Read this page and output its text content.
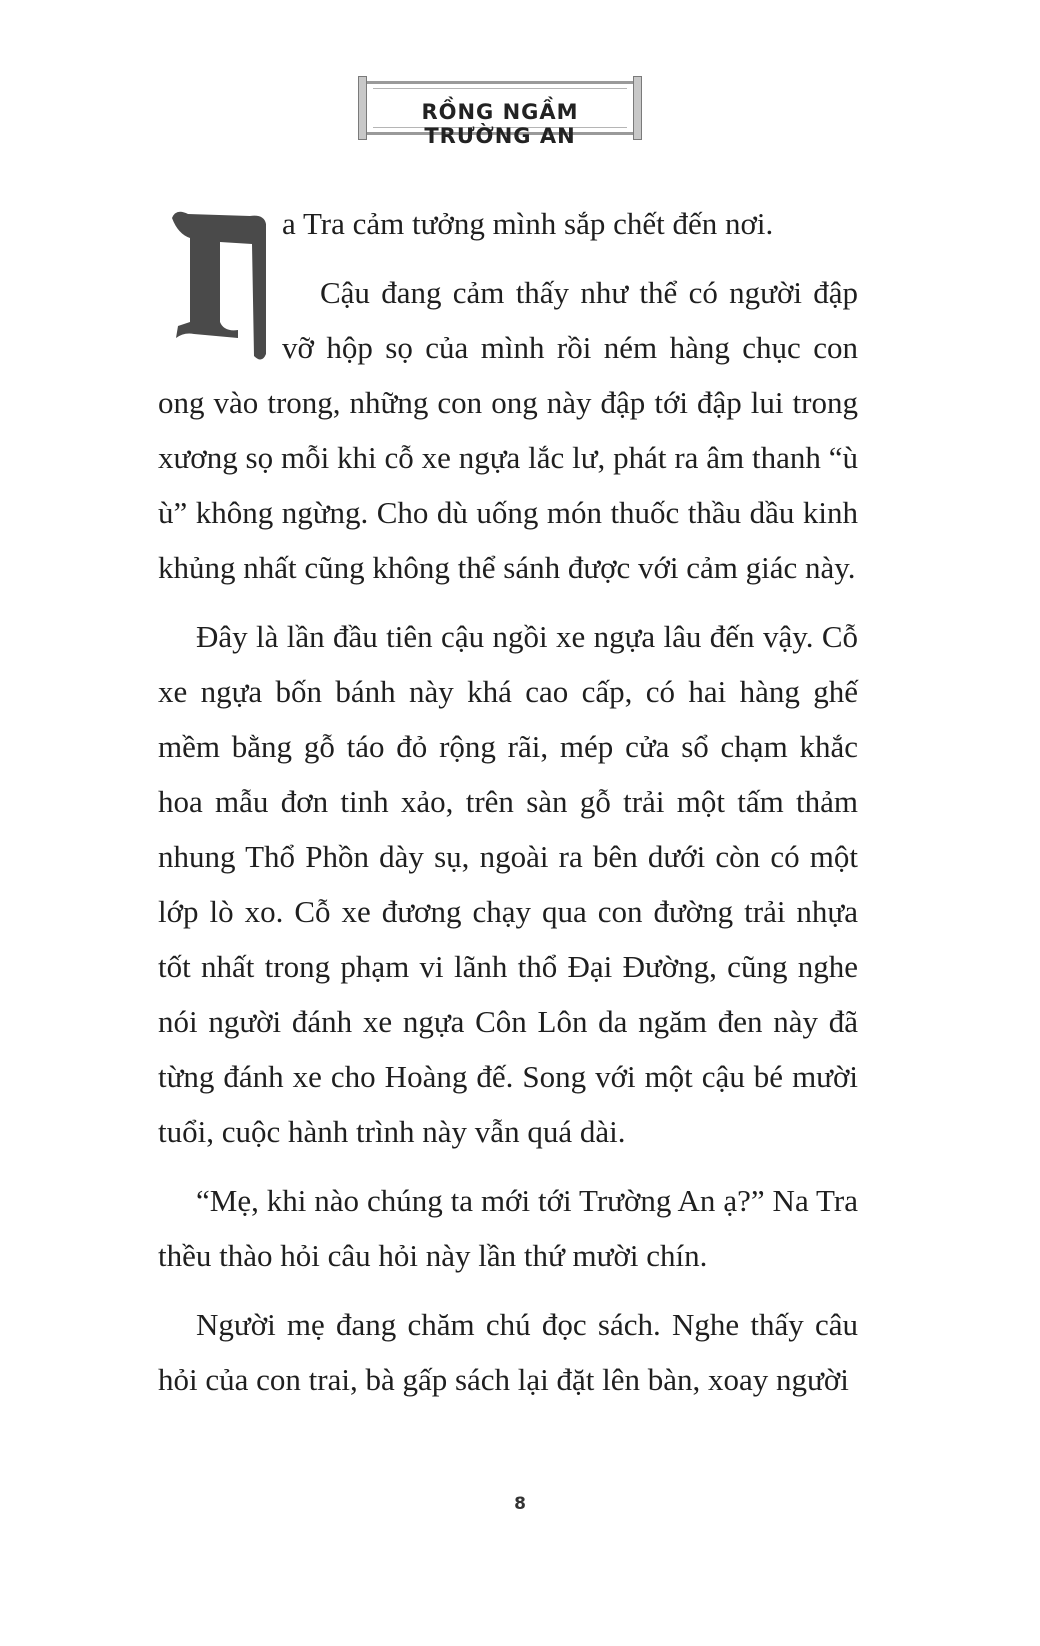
RỒNG NGẦM TRƯỜNG AN

a Tra cảm tưởng mình sắp chết đến nơi.

Cậu đang cảm thấy như thể có người đập vỡ hộp sọ của mình rồi ném hàng chục con ong vào trong, những con ong này đập tới đập lui trong xương sọ mỗi khi cỗ xe ngựa lắc lư, phát ra âm thanh “ù ù” không ngừng. Cho dù uống món thuốc thầu dầu kinh khủng nhất cũng không thể sánh được với cảm giác này.

Đây là lần đầu tiên cậu ngồi xe ngựa lâu đến vậy. Cỗ xe ngựa bốn bánh này khá cao cấp, có hai hàng ghế mềm bằng gỗ táo đỏ rộng rãi, mép cửa sổ chạm khắc hoa mẫu đơn tinh xảo, trên sàn gỗ trải một tấm thảm nhung Thổ Phồn dày sụ, ngoài ra bên dưới còn có một lớp lò xo. Cỗ xe đương chạy qua con đường trải nhựa tốt nhất trong phạm vi lãnh thổ Đại Đường, cũng nghe nói người đánh xe ngựa Côn Lôn da ngăm đen này đã từng đánh xe cho Hoàng đế. Song với một cậu bé mười tuổi, cuộc hành trình này vẫn quá dài.

“Mẹ, khi nào chúng ta mới tới Trường An ạ?” Na Tra thều thào hỏi câu hỏi này lần thứ mười chín.

Người mẹ đang chăm chú đọc sách. Nghe thấy câu hỏi của con trai, bà gấp sách lại đặt lên bàn, xoay người

8
